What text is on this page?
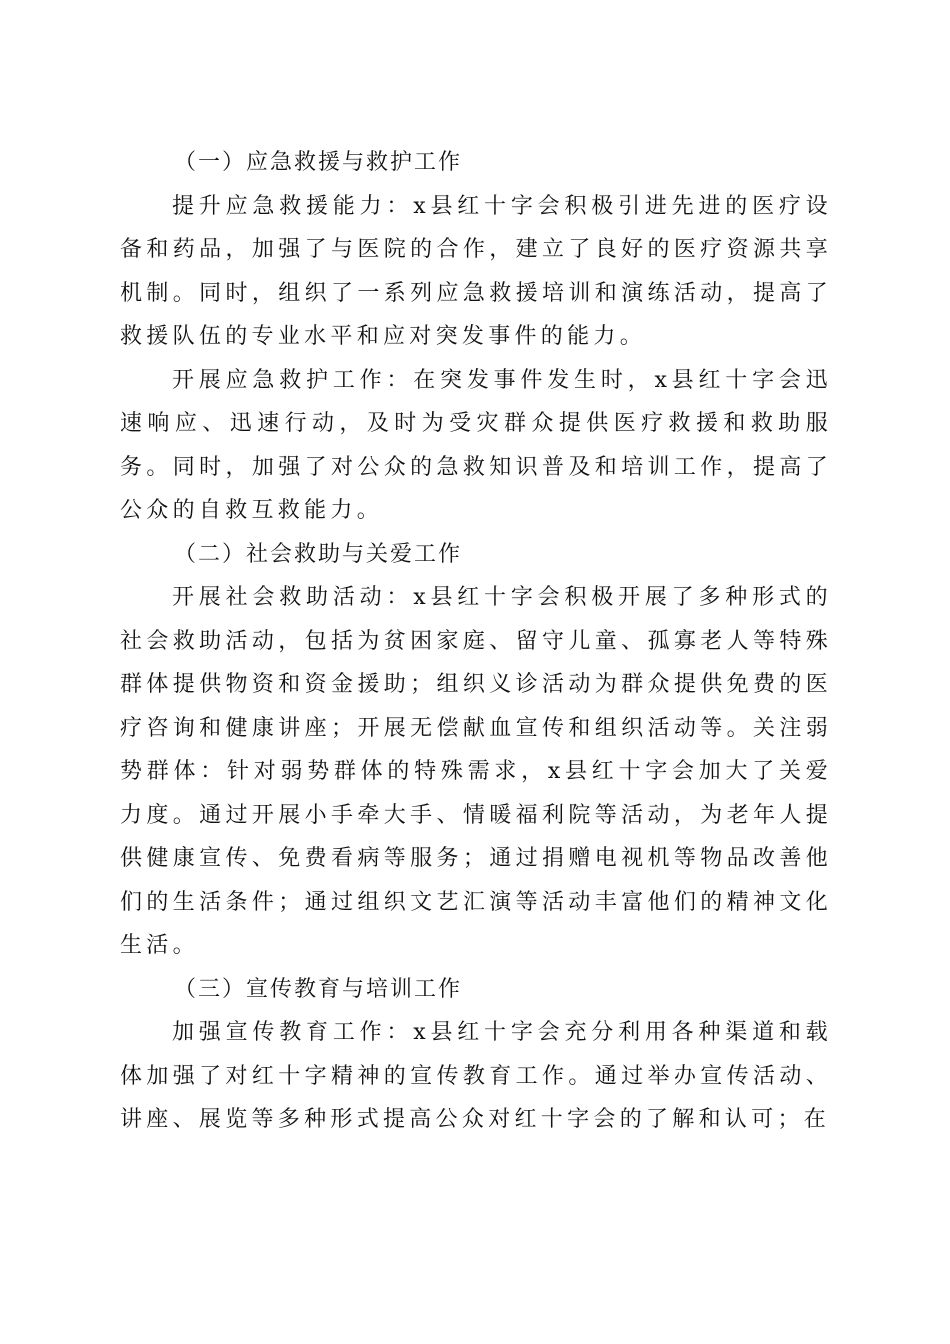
（一）应急救援与救护工作

提升应急救援能力：x县红十字会积极引进先进的医疗设备和药品，加强了与医院的合作，建立了良好的医疗资源共享机制。同时，组织了一系列应急救援培训和演练活动，提高了救援队伍的专业水平和应对突发事件的能力。

开展应急救护工作：在突发事件发生时，x县红十字会迅速响应、迅速行动，及时为受灾群众提供医疗救援和救助服务。同时，加强了对公众的急救知识普及和培训工作，提高了公众的自救互救能力。

（二）社会救助与关爱工作

开展社会救助活动：x县红十字会积极开展了多种形式的社会救助活动，包括为贫困家庭、留守儿童、孤寡老人等特殊群体提供物资和资金援助；组织义诊活动为群众提供免费的医疗咨询和健康讲座；开展无偿献血宣传和组织活动等。关注弱势群体：针对弱势群体的特殊需求，x县红十字会加大了关爱力度。通过开展小手牵大手、情暖福利院等活动，为老年人提供健康宣传、免费看病等服务；通过捐赠电视机等物品改善他们的生活条件；通过组织文艺汇演等活动丰富他们的精神文化生活。

（三）宣传教育与培训工作

加强宣传教育工作：x县红十字会充分利用各种渠道和载体加强了对红十字精神的宣传教育工作。通过举办宣传活动、讲座、展览等多种形式提高公众对红十字会的了解和认可；在
